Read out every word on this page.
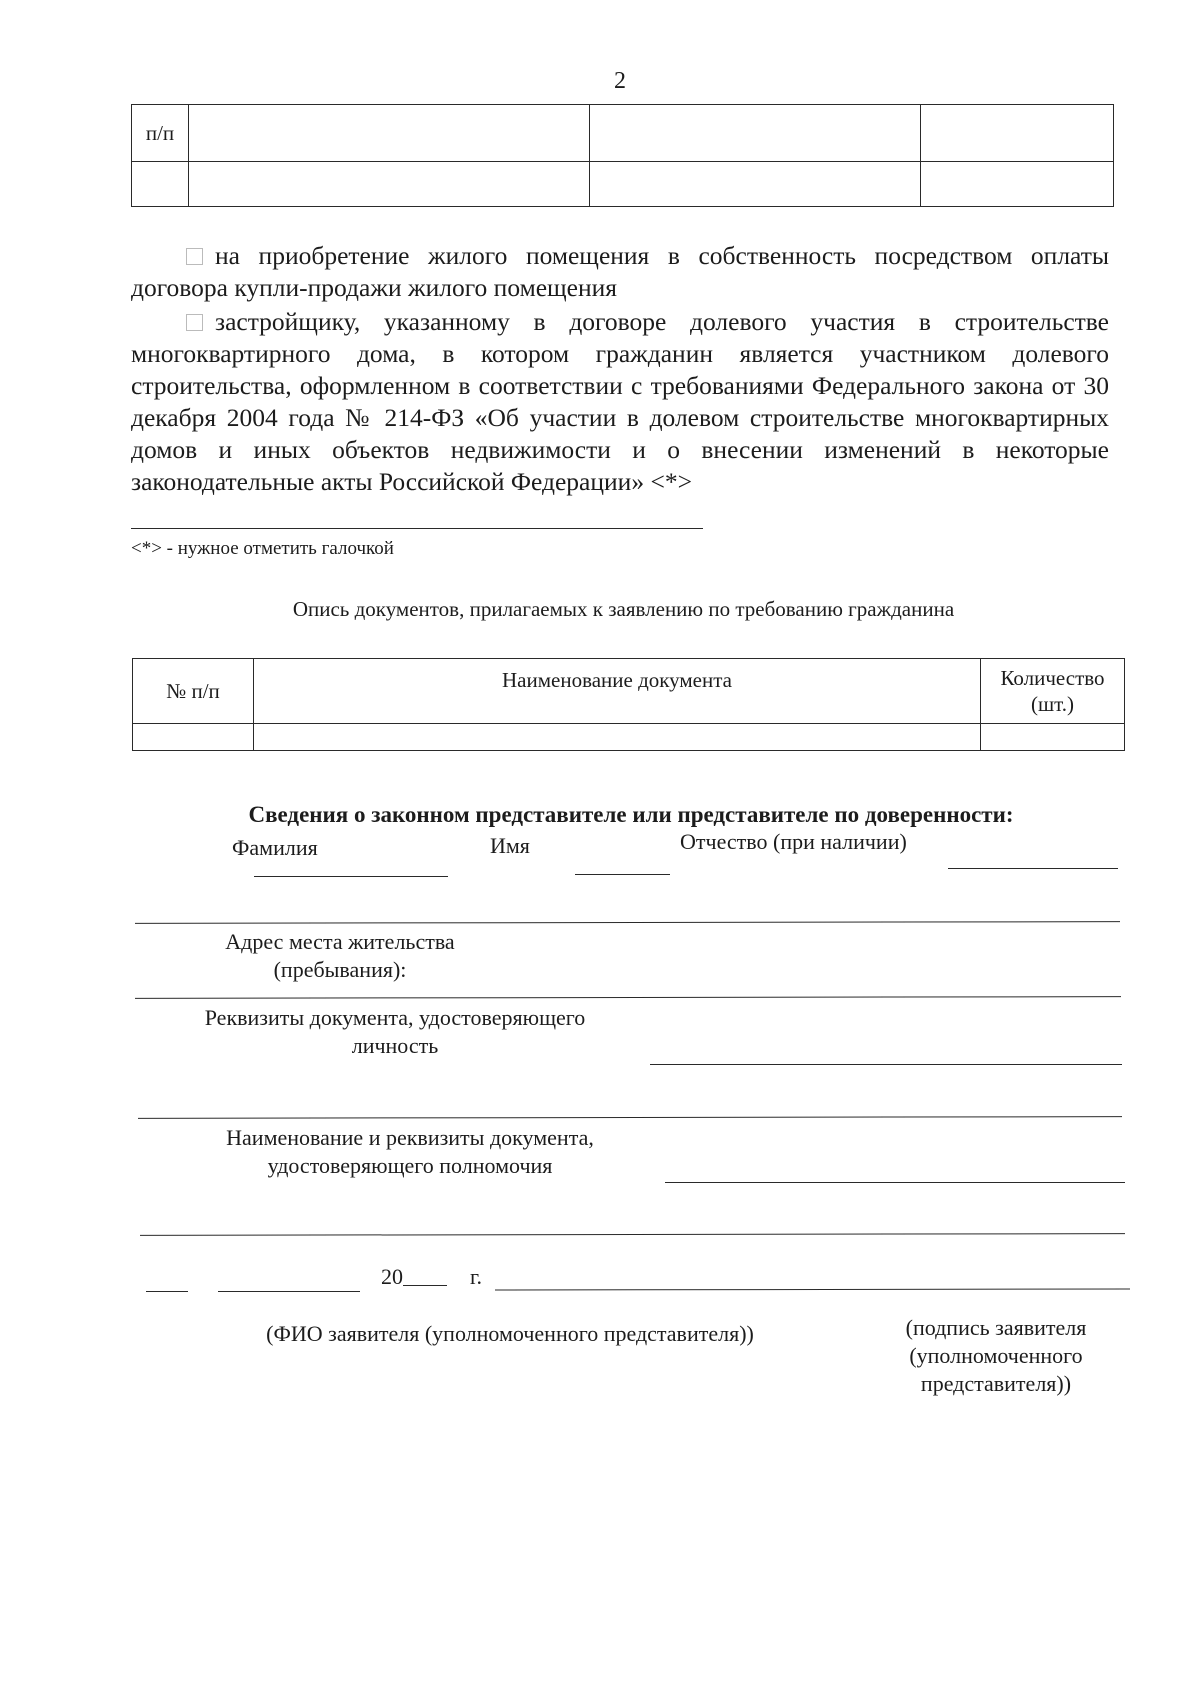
2
п/п			

на приобретение жилого помещения в собственность посредством оплаты договора купли-продажи жилого помещения
застройщику, указанному в договоре долевого участия в строительстве многоквартирного дома, в котором гражданин является участником долевого строительства, оформленном в соответствии с требованиями Федерального закона от 30 декабря 2004 года № 214-ФЗ «Об участии в долевом строительстве многоквартирных домов и иных объектов недвижимости и о внесении изменений в некоторые законодательные акты Российской Федерации» <*>
<*> - нужное отметить галочкой
Опись документов, прилагаемых к заявлению по требованию гражданина
№ п/п	Наименование документа	Количество (шт.)

Сведения о законном представителе или представителе по доверенности:
Фамилия	Имя	Отчество (при наличии)
Адрес места жительства (пребывания):
Реквизиты документа, удостоверяющего личность
Наименование и реквизиты документа, удостоверяющего полномочия
20	г.
(ФИО заявителя (уполномоченного представителя))	(подпись заявителя (уполномоченного представителя))
